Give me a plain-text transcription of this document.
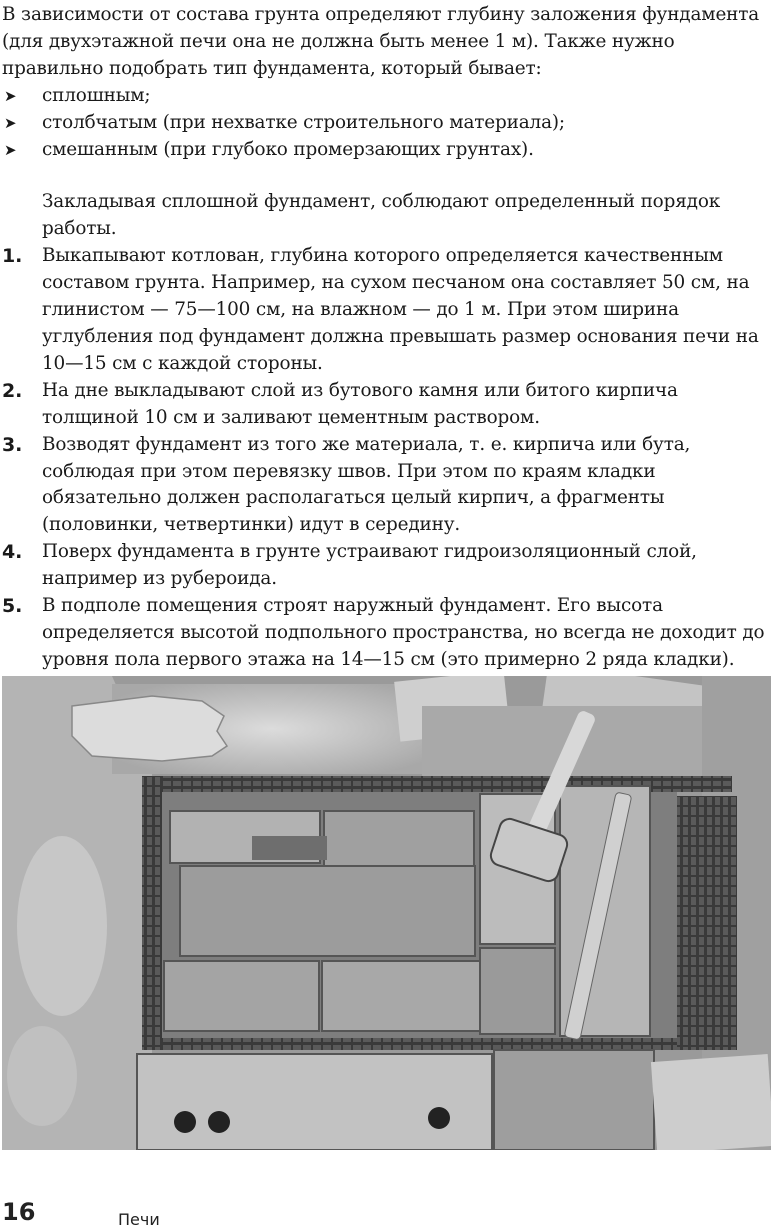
В зависимости от состава грунта определяют глубину заложения фундамента (для двухэтажной печи она не должна быть менее 1 м). Также нужно правильно подобрать тип фундамента, который бывает:

➤ сплошным;
➤ столбчатым (при нехватке строительного материала);
➤ смешанным (при глубоко промерзающих грунтах).

Закладывая сплошной фундамент, соблюдают определенный порядок работы.

1. Выкапывают котлован, глубина которого определяется качественным составом грунта. Например, на сухом песчаном она составляет 50 см, на глинистом — 75—100 см, на влажном — до 1 м. При этом ширина углубления под фундамент должна превышать размер основания печи на 10—15 см с каждой стороны.
2. На дне выкладывают слой из бутового камня или битого кирпича толщиной 10 см и заливают цементным раствором.
3. Возводят фундамент из того же материала, т. е. кирпича или бута, соблюдая при этом перевязку швов. При этом по краям кладки обязательно должен располагаться целый кирпич, а фрагменты (половинки, четвертинки) идут в середину.
4. Поверх фундамента в грунте устраивают гидроизоляционный слой, например из рубероида.
5. В подполе помещения строят наружный фундамент. Его высота определяется высотой подпольного пространства, но всегда не доходит до уровня пола первого этажа на 14—15 см (это примерно 2 ряда кладки).
16	Печи
